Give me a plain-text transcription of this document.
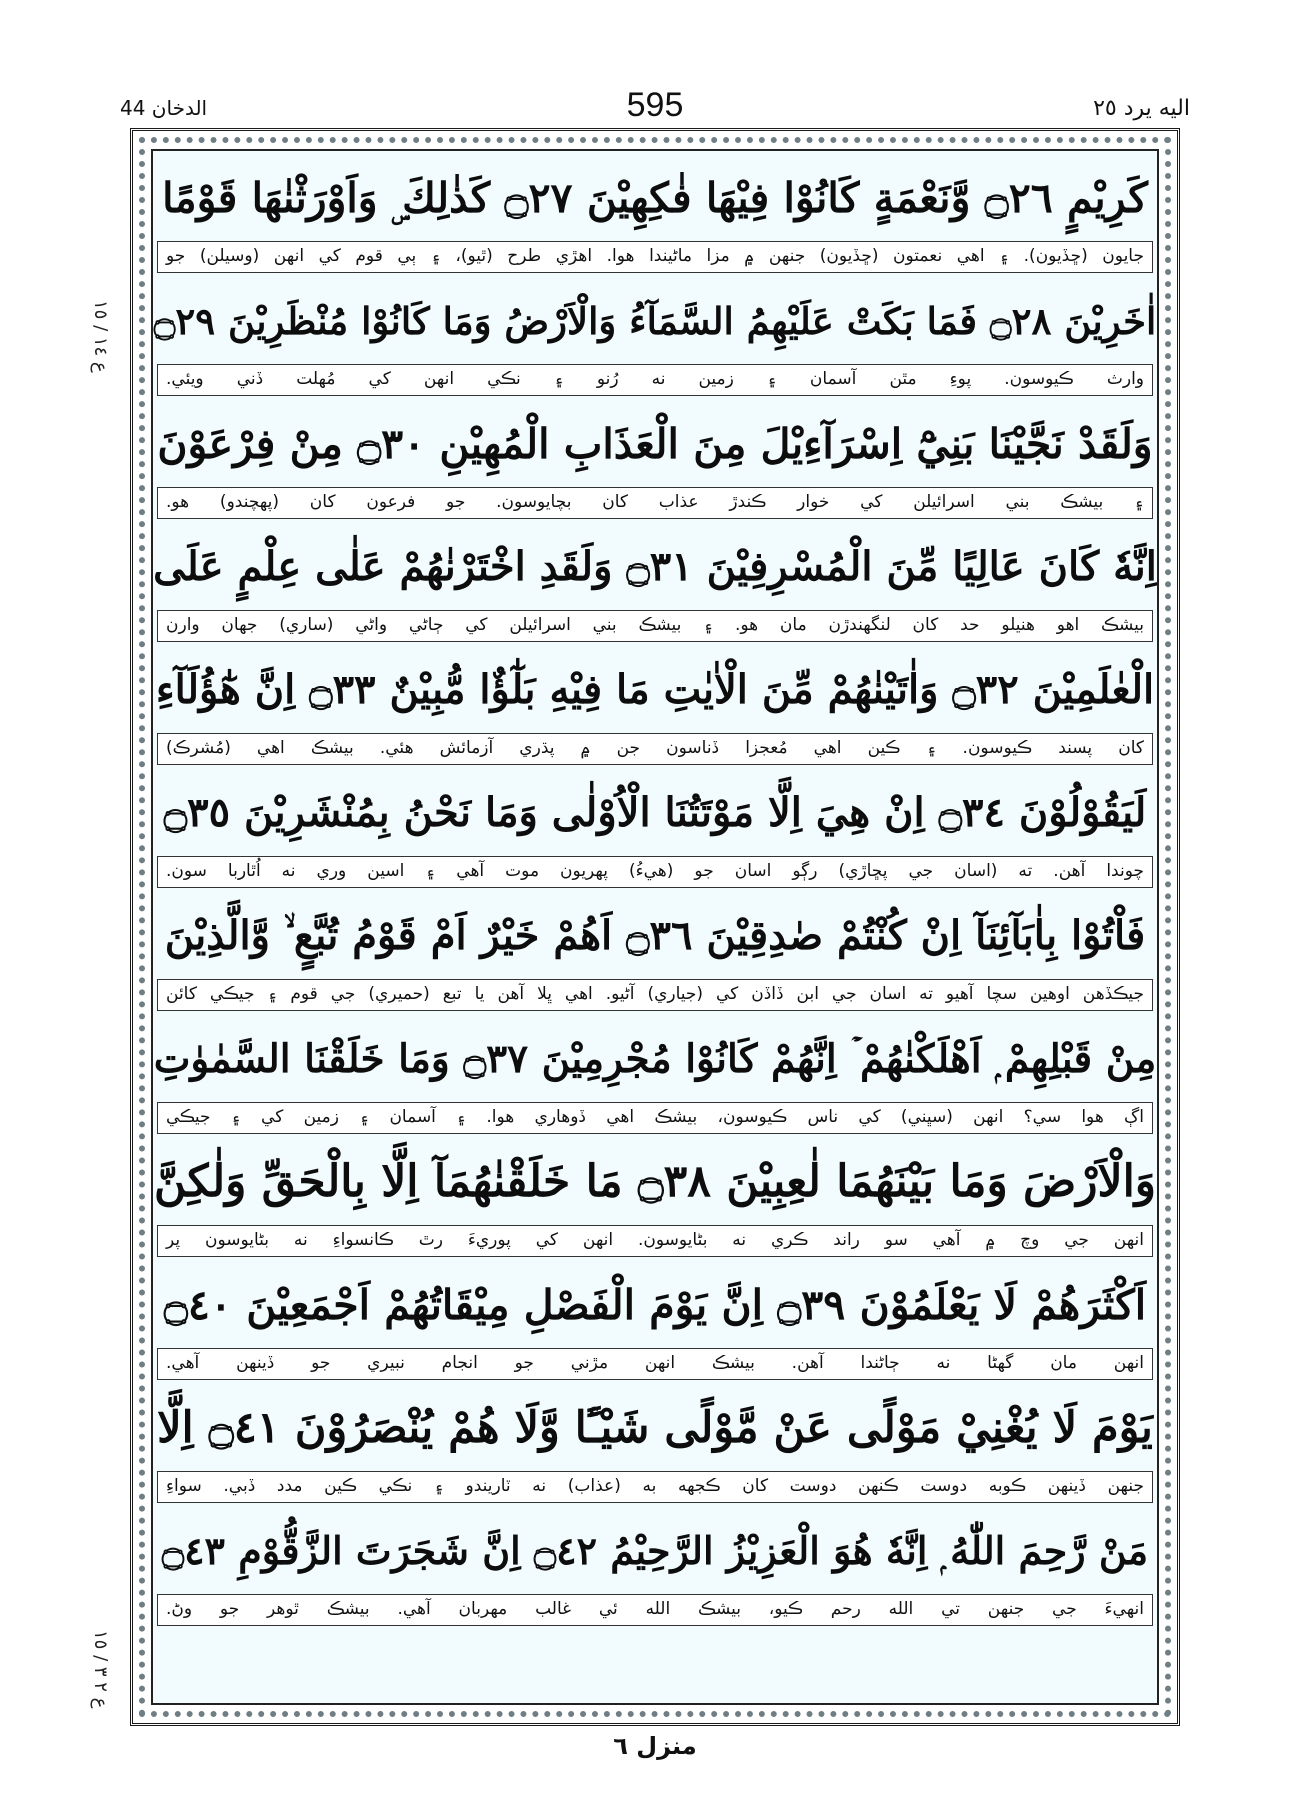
اليه يرد ٢٥
595
الدخان 44
ع ١٤ / ١٥
ع ٢ ٣ / ١٥
كَرِيْمٍ ۝٢٦ وَّنَعْمَةٍ كَانُوْا فِيْهَا فٰكِهِيْنَ ۝٢٧ كَذٰلِكَ ۣ وَاَوْرَثْنٰهَا قَوْمًا
جايون (ڇڏيون). ۽ اهي نعمتون (ڇڏيون) جنهن ۾ مزا ماڻيندا هوا. اهڙي طرح (ٿيو)، ۽ ٻي قوم کي انهن (وسيلن) جو
اٰخَرِيْنَ ۝٢٨ فَمَا بَكَتْ عَلَيْهِمُ السَّمَآءُ وَالْاَرْضُ وَمَا كَانُوْا مُنْظَرِيْنَ ۝٢٩
وارث ڪيوسون. پوءِ مٿن آسمان ۽ زمين نه رُنو ۽ نڪي انهن کي مُهلت ڏني ويئي.
وَلَقَدْ نَجَّيْنَا بَنِيْٓ اِسْرَآءِيْلَ مِنَ الْعَذَابِ الْمُهِيْنِ ۝٣٠ مِنْ فِرْعَوْنَ
۽ بيشڪ بني اسرائيلن کي خوار ڪندڙ عذاب کان بچايوسون. جو فرعون کان (پهچندو) هو.
اِنَّهٗ كَانَ عَالِيًا مِّنَ الْمُسْرِفِيْنَ ۝٣١ وَلَقَدِ اخْتَرْنٰهُمْ عَلٰى عِلْمٍ عَلَى
بيشڪ اهو هنيلو حد کان لنگهندڙن مان هو. ۽ بيشڪ بني اسرائيلن کي ڄاڻي واڻي (ساري) جهان وارن
الْعٰلَمِيْنَ ۝٣٢ وَاٰتَيْنٰهُمْ مِّنَ الْاٰيٰتِ مَا فِيْهِ بَلٰٓؤٌا مُّبِيْنٌ ۝٣٣ اِنَّ هٰٓؤُلَآءِ
کان پسند ڪيوسون. ۽ ڪين اهي مُعجزا ڏناسون جن ۾ پڌري آزمائش هئي. بيشڪ اهي (مُشرڪ)
لَيَقُوْلُوْنَ ۝٣٤ اِنْ هِيَ اِلَّا مَوْتَتُنَا الْاُوْلٰى وَمَا نَحْنُ بِمُنْشَرِيْنَ ۝٣٥
چوندا آهن. ته (اسان جي پڇاڙي) رڳو اسان جو (هيءُ) پهريون موت آهي ۽ اسين وري نه اُٿاربا سون.
فَاْتُوْا بِاٰبَآئِنَآ اِنْ كُنْتُمْ صٰدِقِيْنَ ۝٣٦ اَهُمْ خَيْرٌ اَمْ قَوْمُ تُبَّعٍ ۙ وَّالَّذِيْنَ
جيڪڏهن اوهين سچا آهيو ته اسان جي ابن ڏاڏن کي (جياري) آڻيو. اهي ڀلا آهن يا تبع (حميري) جي قوم ۽ جيڪي کائن
مِنْ قَبْلِهِمْ ۭ اَهْلَكْنٰهُمْ ۡ اِنَّهُمْ كَانُوْا مُجْرِمِيْنَ ۝٣٧ وَمَا خَلَقْنَا السَّمٰوٰتِ
اڳ هوا سي؟ انهن (سڀني) کي ناس ڪيوسون، بيشڪ اهي ڏوهاري هوا. ۽ آسمان ۽ زمين کي ۽ جيڪي
وَالْاَرْضَ وَمَا بَيْنَهُمَا لٰعِبِيْنَ ۝٣٨ مَا خَلَقْنٰهُمَآ اِلَّا بِالْحَقِّ وَلٰكِنَّ
انهن جي وچ ۾ آهي سو راند ڪري نه بڻايوسون. انهن کي پوريءَ رٿ ڪانسواءِ نه بڻايوسون پر
اَكْثَرَهُمْ لَا يَعْلَمُوْنَ ۝٣٩ اِنَّ يَوْمَ الْفَصْلِ مِيْقَاتُهُمْ اَجْمَعِيْنَ ۝٤٠
انهن مان گهڻا نه ڄاڻندا آهن. بيشڪ انهن مڙني جو انجام نبيري جو ڏينهن آهي.
يَوْمَ لَا يُغْنِيْ مَوْلًى عَنْ مَّوْلًى شَيْـًٔا وَّلَا هُمْ يُنْصَرُوْنَ ۝٤١ اِلَّا
جنهن ڏينهن ڪوبه دوست ڪنهن دوست کان ڪجهه به (عذاب) نه ٽاريندو ۽ نڪي ڪين مدد ڏبي. سواءِ
مَنْ رَّحِمَ اللّٰهُ ۭ اِنَّهٗ هُوَ الْعَزِيْزُ الرَّحِيْمُ ۝٤٢ اِنَّ شَجَرَتَ الزَّقُّوْمِ ۝٤٣
انهيءَ جي جنهن تي الله رحم ڪيو، بيشڪ الله ئي غالب مهربان آهي. بيشڪ ٿوهر جو وڻ.
منزل ٦
